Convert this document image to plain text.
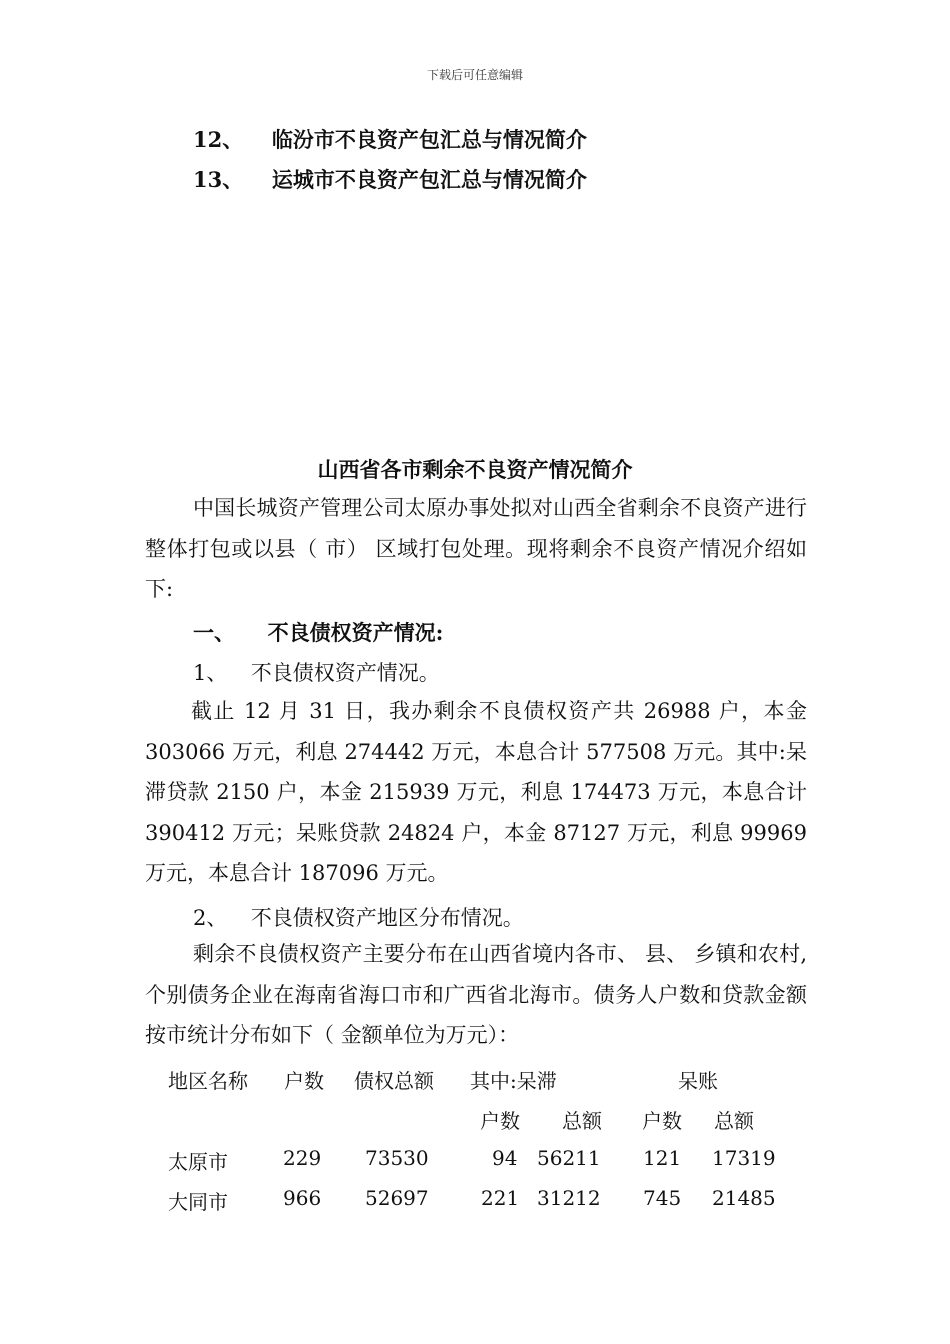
下载后可任意编辑
12、 临汾市不良资产包汇总与情况简介
13、 运城市不良资产包汇总与情况简介
山西省各市剩余不良资产情况简介
中国长城资产管理公司太原办事处拟对山西全省剩余不良资产进行整体打包或以县（ 市） 区域打包处理。现将剩余不良资产情况介绍如下:
一、 不良债权资产情况:
1、 不良债权资产情况。
截止 12 月 31 日，我办剩余不良债权资产共 26988 户，本金 303066 万元，利息 274442 万元，本息合计 577508 万元。其中:呆滞贷款 2150 户，本金 215939 万元，利息 174473 万元，本息合计 390412 万元；呆账贷款 24824 户，本金 87127 万元，利息 99969 万元，本息合计 187096 万元。
2、 不良债权资产地区分布情况。
剩余不良债权资产主要分布在山西省境内各市、 县、 乡镇和农村,个别债务企业在海南省海口市和广西省北海市。债务人户数和贷款金额按市统计分布如下（ 金额单位为万元）：
地区名称 户数 债权总额 其中:呆滞	呆账
户数 总额 户数 总额
太原市	229 73530	94 56211 121 17319
大同市	966 52697	221 31212 745 21485
